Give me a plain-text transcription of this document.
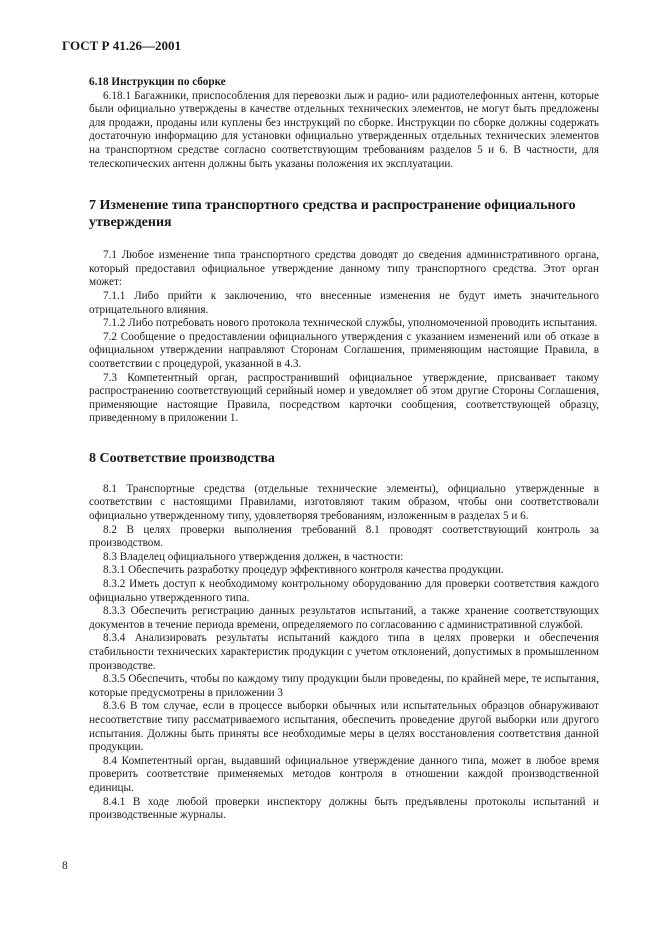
ГОСТ Р 41.26—2001

6.18 Инструкции по сборке

6.18.1 Багажники, приспособления для перевозки лыж и радио- или радиотелефонных антенн, которые были официально утверждены в качестве отдельных технических элементов, не могут быть предложены для продажи, проданы или куплены без инструкций по сборке. Инструкции по сборке должны содержать достаточную информацию для установки официально утвержденных отдельных технических элементов на транспортном средстве согласно соответствующим требованиям разделов 5 и 6. В частности, для телескопических антенн должны быть указаны положения их эксплуатации.

7 Изменение типа транспортного средства и распространение официального утверждения

7.1 Любое изменение типа транспортного средства доводят до сведения административного органа, который предоставил официальное утверждение данному типу транспортного средства. Этот орган может:

7.1.1 Либо прийти к заключению, что внесенные изменения не будут иметь значительного отрицательного влияния.

7.1.2 Либо потребовать нового протокола технической службы, уполномоченной проводить испытания.

7.2 Сообщение о предоставлении официального утверждения с указанием изменений или об отказе в официальном утверждении направляют Сторонам Соглашения, применяющим настоящие Правила, в соответствии с процедурой, указанной в 4.3.

7.3 Компетентный орган, распространивший официальное утверждение, присваивает такому распространению соответствующий серийный номер и уведомляет об этом другие Стороны Соглашения, применяющие настоящие Правила, посредством карточки сообщения, соответствующей образцу, приведенному в приложении 1.

8 Соответствие производства

8.1 Транспортные средства (отдельные технические элементы), официально утвержденные в соответствии с настоящими Правилами, изготовляют таким образом, чтобы они соответствовали официально утвержденному типу, удовлетворяя требованиям, изложенным в разделах 5 и 6.

8.2 В целях проверки выполнения требований 8.1 проводят соответствующий контроль за производством.

8.3 Владелец официального утверждения должен, в частности:

8.3.1 Обеспечить разработку процедур эффективного контроля качества продукции.

8.3.2 Иметь доступ к необходимому контрольному оборудованию для проверки соответствия каждого официально утвержденного типа.

8.3.3 Обеспечить регистрацию данных результатов испытаний, а также хранение соответствующих документов в течение периода времени, определяемого по согласованию с административной службой.

8.3.4 Анализировать результаты испытаний каждого типа в целях проверки и обеспечения стабильности технических характеристик продукции с учетом отклонений, допустимых в промышленном производстве.

8.3.5 Обеспечить, чтобы по каждому типу продукции были проведены, по крайней мере, те испытания, которые предусмотрены в приложении 3

8.3.6 В том случае, если в процессе выборки обычных или испытательных образцов обнаруживают несоответствие типу рассматриваемого испытания, обеспечить проведение другой выборки или другого испытания. Должны быть приняты все необходимые меры в целях восстановления соответствия данной продукции.

8.4 Компетентный орган, выдавший официальное утверждение данного типа, может в любое время проверить соответствие применяемых методов контроля в отношении каждой производственной единицы.

8.4.1 В ходе любой проверки инспектору должны быть предъявлены протоколы испытаний и производственные журналы.

8
